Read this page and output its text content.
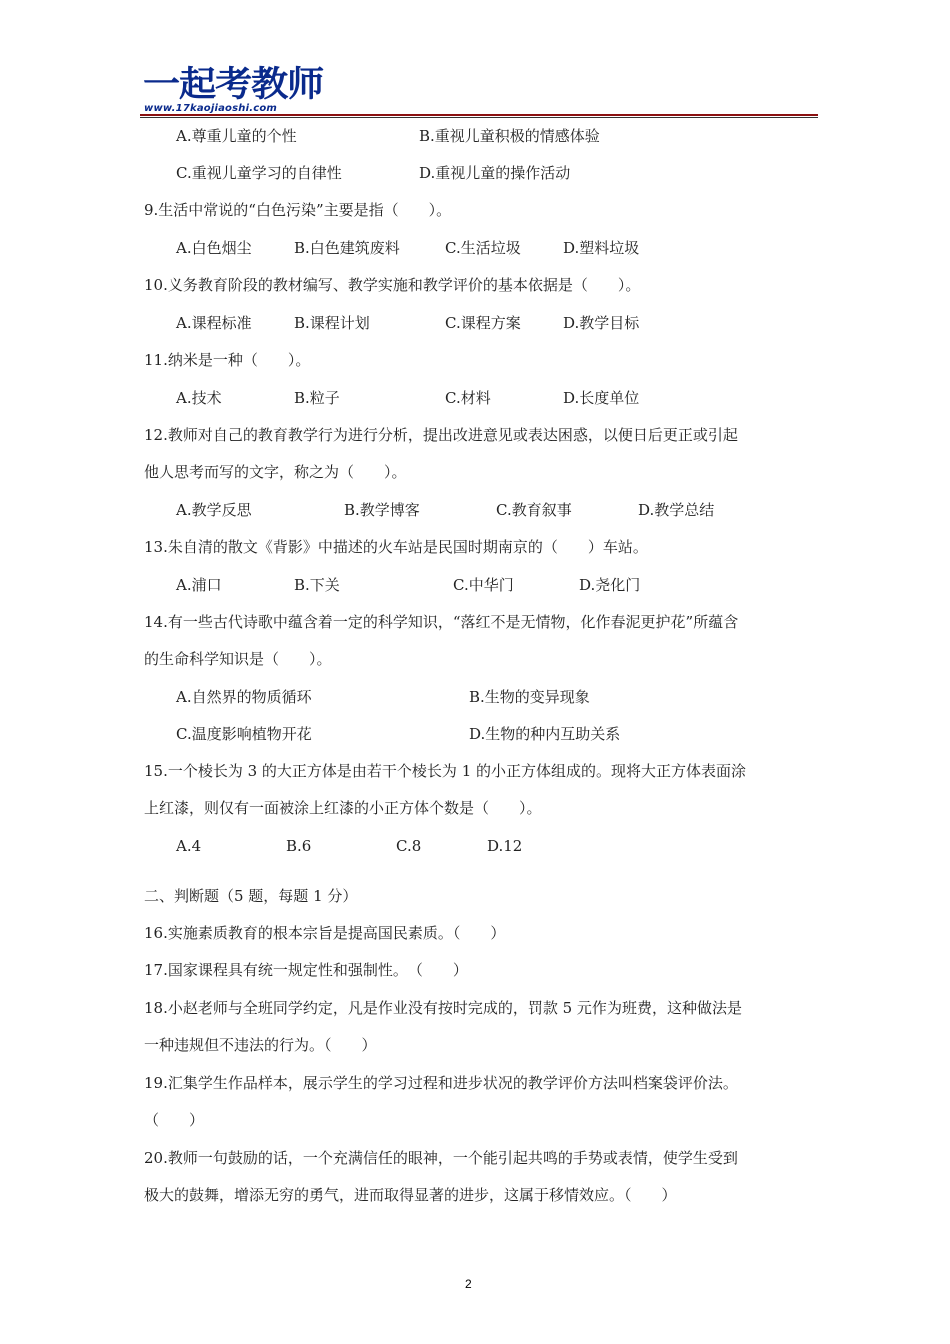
一起考教师
www.17kaojiaoshi.com
A.尊重儿童的个性	B.重视儿童积极的情感体验
C.重视儿童学习的自律性	D.重视儿童的操作活动
9.生活中常说的“白色污染”主要是指（　　）。
A.白色烟尘	B.白色建筑废料	C.生活垃圾	D.塑料垃圾
10.义务教育阶段的教材编写、教学实施和教学评价的基本依据是（　　）。
A.课程标准	B.课程计划	C.课程方案	D.教学目标
11.纳米是一种（　　）。
A.技术	B.粒子	C.材料	D.长度单位
12.教师对自己的教育教学行为进行分析，提出改进意见或表达困惑，以便日后更正或引起
他人思考而写的文字，称之为（　　）。
A.教学反思	B.教学博客	C.教育叙事	D.教学总结
13.朱自清的散文《背影》中描述的火车站是民国时期南京的（　　）车站。
A.浦口	B.下关	C.中华门	D.尧化门
14.有一些古代诗歌中蕴含着一定的科学知识，“落红不是无情物，化作春泥更护花”所蕴含
的生命科学知识是（　　）。
A.自然界的物质循环	B.生物的变异现象
C.温度影响植物开花	D.生物的种内互助关系
15.一个棱长为 3 的大正方体是由若干个棱长为 1 的小正方体组成的。现将大正方体表面涂
上红漆，则仅有一面被涂上红漆的小正方体个数是（　　）。
A.4	B.6	C.8	D.12
二、判断题（5 题，每题 1 分）
16.实施素质教育的根本宗旨是提高国民素质。（　　）
17.国家课程具有统一规定性和强制性。　（　　）
18.小赵老师与全班同学约定，凡是作业没有按时完成的，罚款 5 元作为班费，这种做法是
一种违规但不违法的行为。（　　）
19.汇集学生作品样本，展示学生的学习过程和进步状况的教学评价方法叫档案袋评价法。
（　　）
20.教师一句鼓励的话，一个充满信任的眼神，一个能引起共鸣的手势或表情，使学生受到
极大的鼓舞，增添无穷的勇气，进而取得显著的进步，这属于移情效应。（　　）
2
